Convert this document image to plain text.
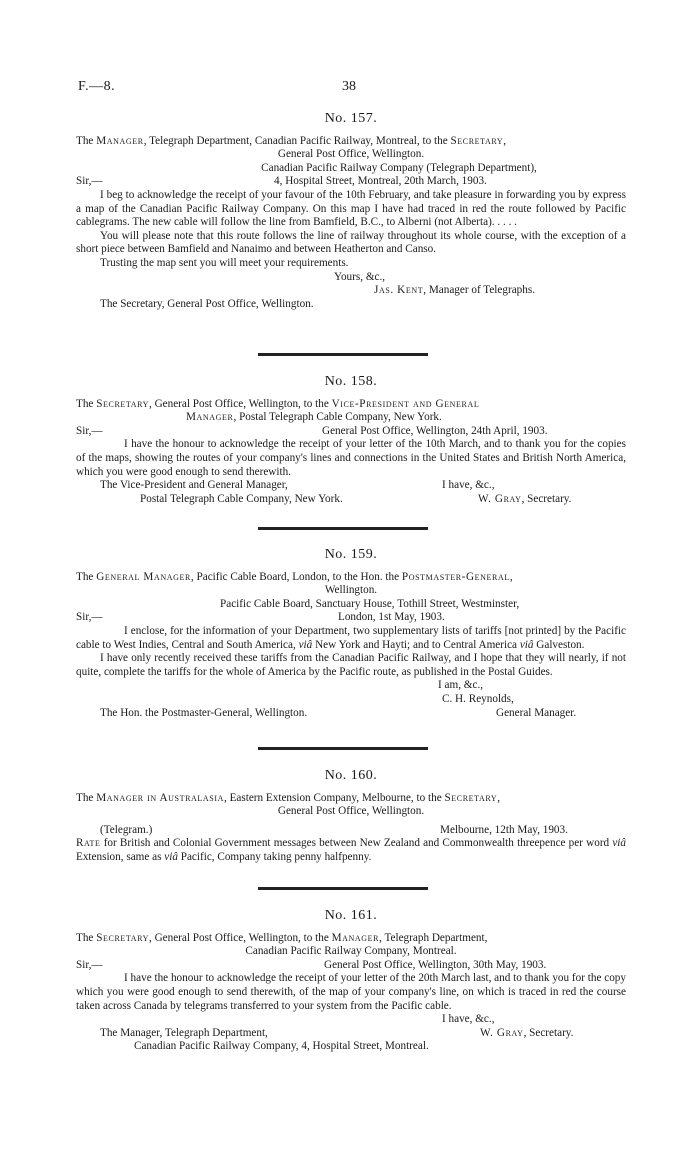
F.—8.	38

No. 157.

The Manager, Telegraph Department, Canadian Pacific Railway, Montreal, to the Secretary,

General Post Office, Wellington.

Canadian Pacific Railway Company (Telegraph Department),

Sir,—	4, Hospital Street, Montreal, 20th March, 1903.

I beg to acknowledge the receipt of your favour of the 10th February, and take pleasure in forwarding you by express a map of the Canadian Pacific Railway Company. On this map I have had traced in red the route followed by Pacific cablegrams. The new cable will follow the line from Bamfield, B.C., to Alberni (not Alberta). . . . .

You will please note that this route follows the line of railway throughout its whole course, with the exception of a short piece between Bamfield and Nanaimo and between Heatherton and Canso.

Trusting the map sent you will meet your requirements.

Yours, &c.,

Jas. Kent, Manager of Telegraphs.

The Secretary, General Post Office, Wellington.

No. 158.

The Secretary, General Post Office, Wellington, to the Vice-President and General

Manager, Postal Telegraph Cable Company, New York.

Sir,—	General Post Office, Wellington, 24th April, 1903.

I have the honour to acknowledge the receipt of your letter of the 10th March, and to thank you for the copies of the maps, showing the routes of your company's lines and connections in the United States and British North America, which you were good enough to send therewith.

The Vice-President and General Manager,	I have, &c.,
Postal Telegraph Cable Company, New York.	W. Gray, Secretary.

No. 159.

The General Manager, Pacific Cable Board, London, to the Hon. the Postmaster-General,

Wellington.

Pacific Cable Board, Sanctuary House, Tothill Street, Westminster,

Sir,—	London, 1st May, 1903.

I enclose, for the information of your Department, two supplementary lists of tariffs [not printed] by the Pacific cable to West Indies, Central and South America, viâ New York and Hayti; and to Central America viâ Galveston.

I have only recently received these tariffs from the Canadian Pacific Railway, and I hope that they will nearly, if not quite, complete the tariffs for the whole of America by the Pacific route, as published in the Postal Guides.

I am, &c.,

C. H. Reynolds,

The Hon. the Postmaster-General, Wellington.	General Manager.

No. 160.

The Manager in Australasia, Eastern Extension Company, Melbourne, to the Secretary,

General Post Office, Wellington.

(Telegram.)	Melbourne, 12th May, 1903.

Rate for British and Colonial Government messages between New Zealand and Commonwealth threepence per word viâ Extension, same as viâ Pacific, Company taking penny halfpenny.

No. 161.

The Secretary, General Post Office, Wellington, to the Manager, Telegraph Department,

Canadian Pacific Railway Company, Montreal.

Sir,—	General Post Office, Wellington, 30th May, 1903.

I have the honour to acknowledge the receipt of your letter of the 20th March last, and to thank you for the copy which you were good enough to send therewith, of the map of your company's line, on which is traced in red the course taken across Canada by telegrams transferred to your system from the Pacific cable.

I have, &c.,

The Manager, Telegraph Department,	W. Gray, Secretary.

Canadian Pacific Railway Company, 4, Hospital Street, Montreal.
